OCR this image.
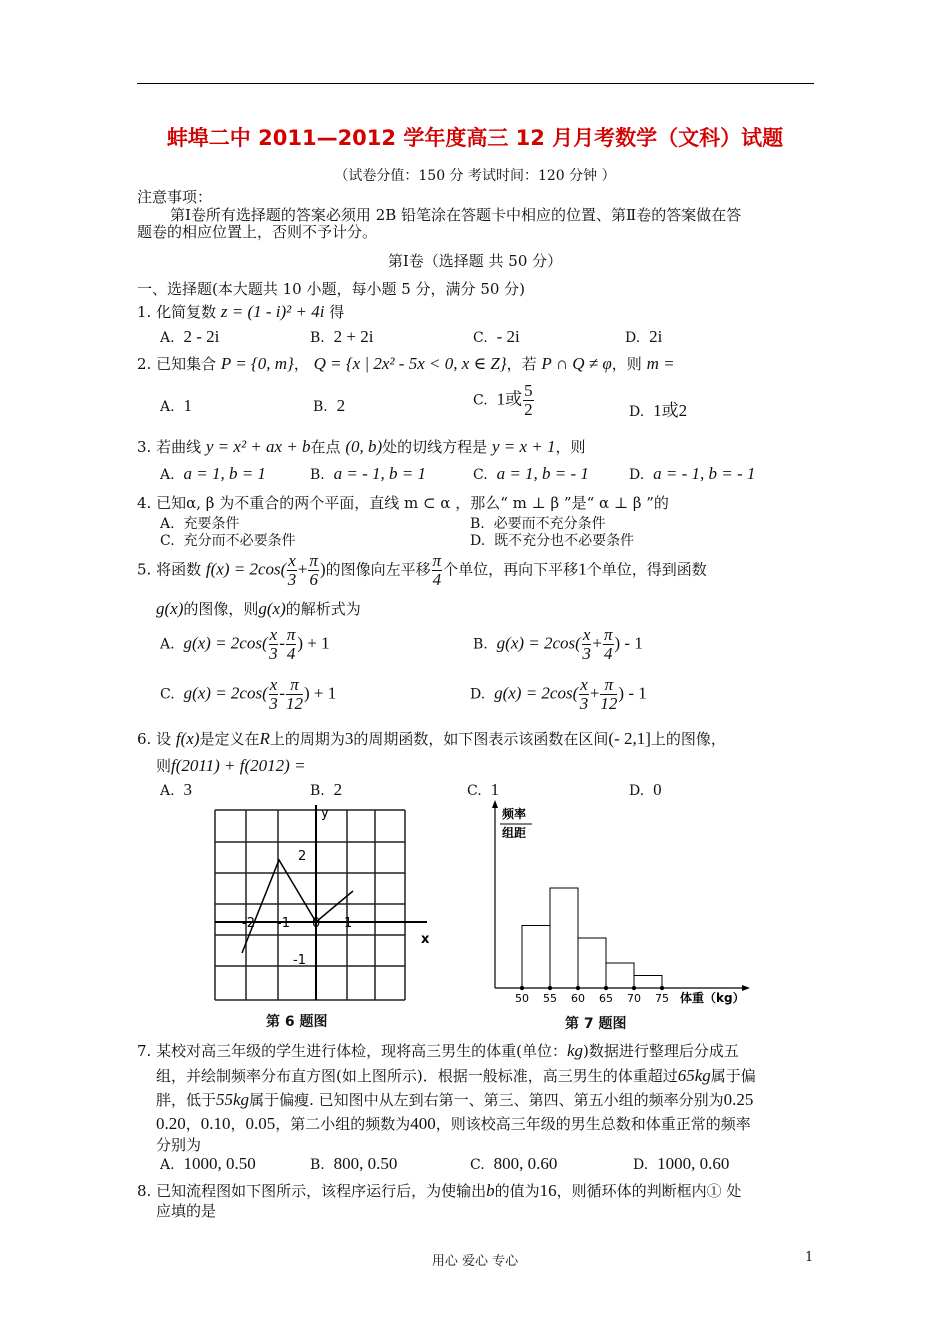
蚌埠二中 2011—2012 学年度高三 12 月月考数学（文科）试题
（试卷分值：150 分 考试时间：120 分钟 ）
注意事项：
第Ⅰ卷所有选择题的答案必须用 2B 铅笔涂在答题卡中相应的位置、第Ⅱ卷的答案做在答
题卷的相应位置上，否则不予计分。
第Ⅰ卷（选择题 共 50 分）
一、选择题(本大题共 10 小题，每小题 5 分，满分 50 分)
1. 化简复数 z = (1 - i)² + 4i 得
A. 2 - 2i	B. 2 + 2i	C. - 2i	D. 2i
2. 已知集合 P = {0, m}， Q = {x | 2x² - 5x < 0, x ∈ Z}，若 P ∩ Q ≠ φ，则 m =
A. 1	B. 2	C. 1或 $\frac{5}{2}$	D. 1或2
3. 若曲线 y = x² + ax + b在点 (0, b)处的切线方程是 y = x + 1，则
A. a = 1, b = 1	B. a = - 1, b = 1	C. a = 1, b = - 1	D. a = - 1, b = - 1
4. 已知α, β 为不重合的两个平面，直线 m ⊂ α ，那么“ m ⊥ β ”是“ α ⊥ β ”的
A. 充要条件	B. 必要而不充分条件
C. 充分而不必要条件	D. 既不充分也不必要条件
5. 将函数 $f(x) = 2\cos( \frac{x}{3} + \frac{\pi}{6}$ )的图像向左平移 $\frac{\pi}{4}$ 个单位，再向下平移1个单位，得到函数
g(x)的图像，则g(x)的解析式为
A. $g(x) = 2\cos( \frac{x}{3} - \frac{\pi}{4}$ ) + 1	B. $g(x) = 2\cos( \frac{x}{3} + \frac{\pi}{4}$ ) - 1
C. $g(x) = 2\cos( \frac{x}{3} - \frac{\pi}{12}$ ) + 1	D. $g(x) = 2\cos( \frac{x}{3} + \frac{\pi}{12}$ ) - 1
6. 设 f(x)是定义在R上的周期为3的周期函数，如下图表示该函数在区间(- 2,1]上的图像，
则f(2011) + f(2012) =
A. 3	B. 2	C. 1	D. 0
y
x
-2 -1 0 1
2
-1
第 6 题图
频率
组距
50 55 60 65 70 75 体重（kg）
第 7 题图
7. 某校对高三年级的学生进行体检，现将高三男生的体重(单位：kg)数据进行整理后分成五
组，并绘制频率分布直方图(如上图所示)．根据一般标准，高三男生的体重超过65kg属于偏
胖，低于55kg属于偏瘦. 已知图中从左到右第一、第三、第四、第五小组的频率分别为0.25
0.20，0.10，0.05，第二小组的频数为400，则该校高三年级的男生总数和体重正常的频率
分别为
A. 1000, 0.50	B. 800, 0.50	C. 800, 0.60	D. 1000, 0.60
8. 已知流程图如下图所示，该程序运行后，为使输出b的值为16，则循环体的判断框内① 处
应填的是
用心 爱心 专心	1
